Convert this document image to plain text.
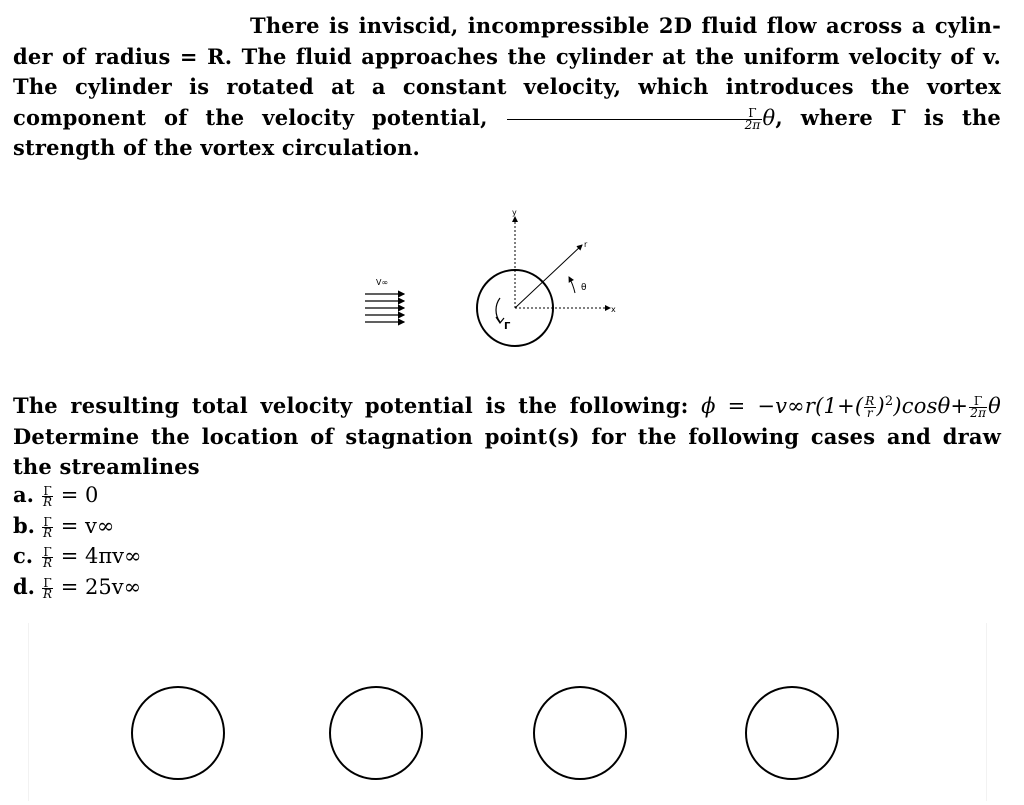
There is inviscid, incompressible 2D fluid flow across a cylin-der of radius = R. The fluid approaches the cylinder at the uniform velocity of v. The cylinder is rotated at a constant velocity, which introduces the vortex component of the velocity potential, $\frac{\Gamma}{2\pi} \theta$, where Γ is the strength of the vortex circulation.
V∞
y
x
r
θ
Γ
The resulting total velocity potential is the following: $\phi = -v\infty r(1+( \frac{R}{r} )^2)\cos\theta+ \frac{\Gamma}{2\pi}$ θ Determine the location of stagnation point(s) for the following cases and draw the streamlines
a. $\frac{\Gamma}{R} = 0$
b. $\frac{\Gamma}{R} = v\infty$
c. $\frac{\Gamma}{R} = 4\pi v\infty$
d. $\frac{\Gamma}{R} = 25v\infty$
